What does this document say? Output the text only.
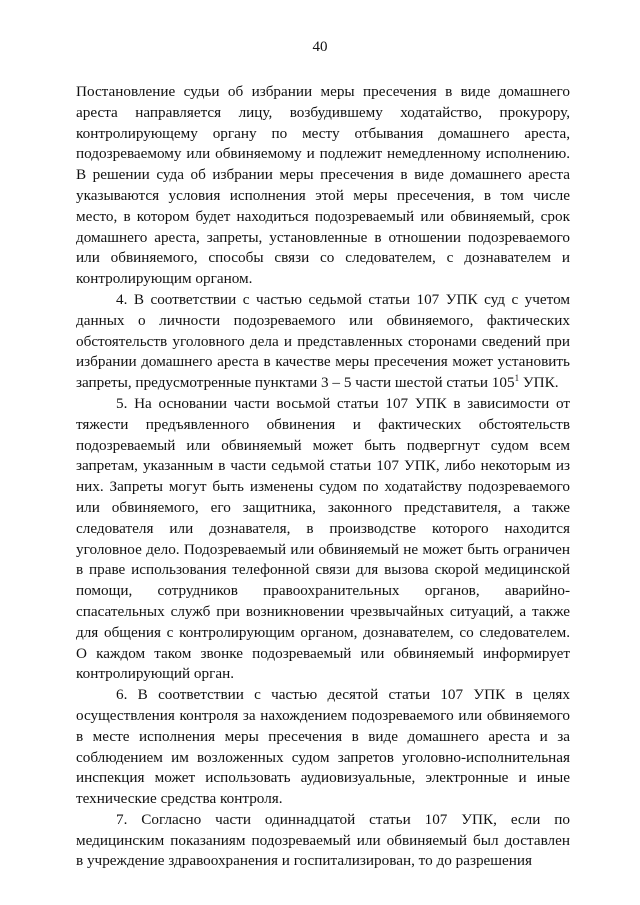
40
Постановление судьи об избрании меры пресечения в виде домашнего
ареста направляется лицу, возбудившему ходатайство, прокурору,
контролирующему органу по месту отбывания домашнего ареста,
подозреваемому или обвиняемому и подлежит немедленному исполнению.
В решении суда об избрании меры пресечения в виде домашнего ареста
указываются условия исполнения этой меры пресечения, в том числе
место, в котором будет находиться подозреваемый или обвиняемый, срок
домашнего ареста, запреты, установленные в отношении подозреваемого
или обвиняемого, способы связи со следователем, с дознавателем и
контролирующим органом.
4. В соответствии с частью седьмой статьи 107 УПК суд с учетом
данных о личности подозреваемого или обвиняемого, фактических
обстоятельств уголовного дела и представленных сторонами сведений при
избрании домашнего ареста в качестве меры пресечения может установить
запреты, предусмотренные пунктами 3 – 5 части шестой статьи $105^1$ УПК.
5. На основании части восьмой статьи 107 УПК в зависимости от
тяжести предъявленного обвинения и фактических обстоятельств
подозреваемый или обвиняемый может быть подвергнут судом всем
запретам, указанным в части седьмой статьи 107 УПК, либо некоторым из
них. Запреты могут быть изменены судом по ходатайству подозреваемого
или обвиняемого, его защитника, законного представителя, а также
следователя или дознавателя, в производстве которого находится
уголовное дело. Подозреваемый или обвиняемый не может быть ограничен
в праве использования телефонной связи для вызова скорой медицинской
помощи, сотрудников правоохранительных органов, аварийно-
спасательных служб при возникновении чрезвычайных ситуаций, а также
для общения с контролирующим органом, дознавателем, со следователем.
О каждом таком звонке подозреваемый или обвиняемый информирует
контролирующий орган.
6. В соответствии с частью десятой статьи 107 УПК в целях
осуществления контроля за нахождением подозреваемого или обвиняемого
в месте исполнения меры пресечения в виде домашнего ареста и за
соблюдением им возложенных судом запретов уголовно-исполнительная
инспекция может использовать аудиовизуальные, электронные и иные
технические средства контроля.
7. Согласно части одиннадцатой статьи 107 УПК, если по
медицинским показаниям подозреваемый или обвиняемый был доставлен
в учреждение здравоохранения и госпитализирован, то до разрешения
